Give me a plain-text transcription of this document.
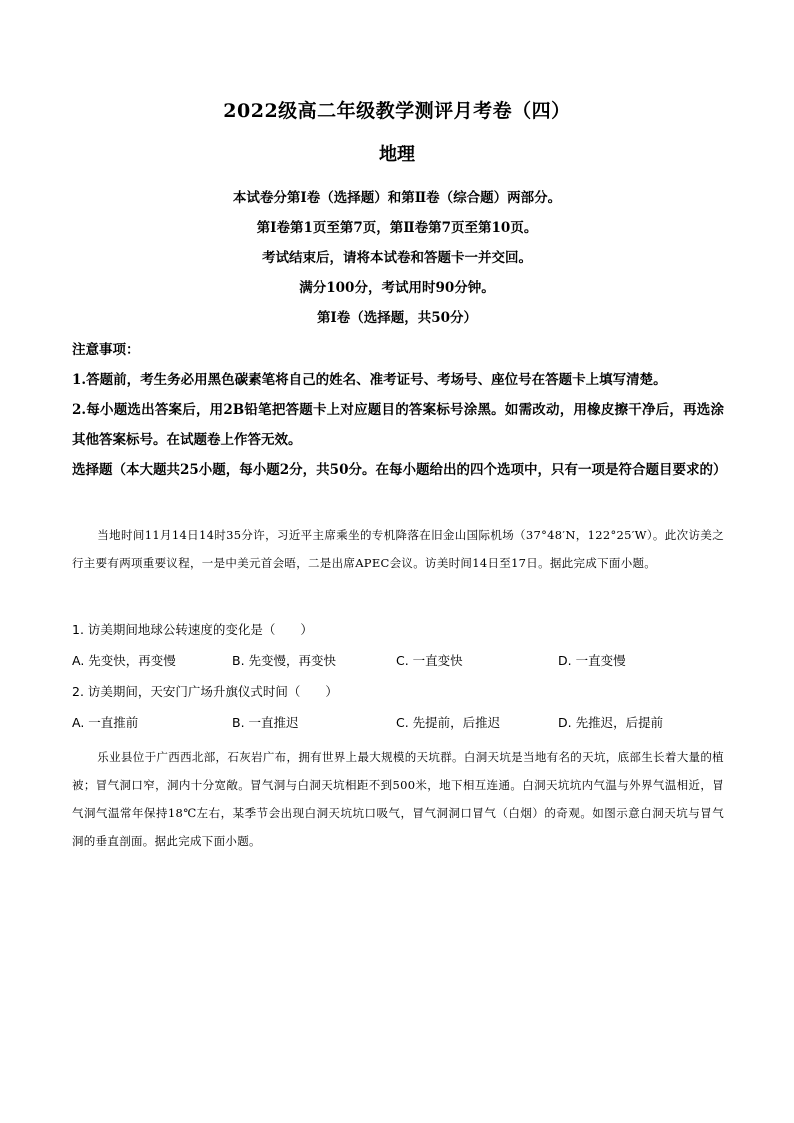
2022级高二年级教学测评月考卷（四）
地理
本试卷分第Ⅰ卷（选择题）和第Ⅱ卷（综合题）两部分。
第Ⅰ卷第1页至第7页，第Ⅱ卷第7页至第10页。
考试结束后，请将本试卷和答题卡一并交回。
满分100分，考试用时90分钟。
第Ⅰ卷（选择题，共50分）
注意事项：
1.答题前，考生务必用黑色碳素笔将自己的姓名、准考证号、考场号、座位号在答题卡上填写清楚。
2.每小题选出答案后，用2B铅笔把答题卡上对应题目的答案标号涂黑。如需改动，用橡皮擦干净后，再选涂其他答案标号。在试题卷上作答无效。
选择题（本大题共25小题，每小题2分，共50分。在每小题给出的四个选项中，只有一项是符合题目要求的）
当地时间11月14日14时35分许，习近平主席乘坐的专机降落在旧金山国际机场（37°48′N，122°25′W）。此次访美之行主要有两项重要议程，一是中美元首会晤，二是出席APEC会议。访美时间14日至17日。据此完成下面小题。
1. 访美期间地球公转速度的变化是（　　）
A. 先变快，再变慢	B. 先变慢，再变快	C. 一直变快	D. 一直变慢
2. 访美期间，天安门广场升旗仪式时间（　　）
A. 一直推前	B. 一直推迟	C. 先提前，后推迟	D. 先推迟，后提前
乐业县位于广西西北部，石灰岩广布，拥有世界上最大规模的天坑群。白洞天坑是当地有名的天坑，底部生长着大量的植被；冒气洞口窄，洞内十分宽敞。冒气洞与白洞天坑相距不到500米，地下相互连通。白洞天坑坑内气温与外界气温相近，冒气洞气温常年保持18℃左右，某季节会出现白洞天坑坑口吸气，冒气洞洞口冒气（白烟）的奇观。如图示意白洞天坑与冒气洞的垂直剖面。据此完成下面小题。
